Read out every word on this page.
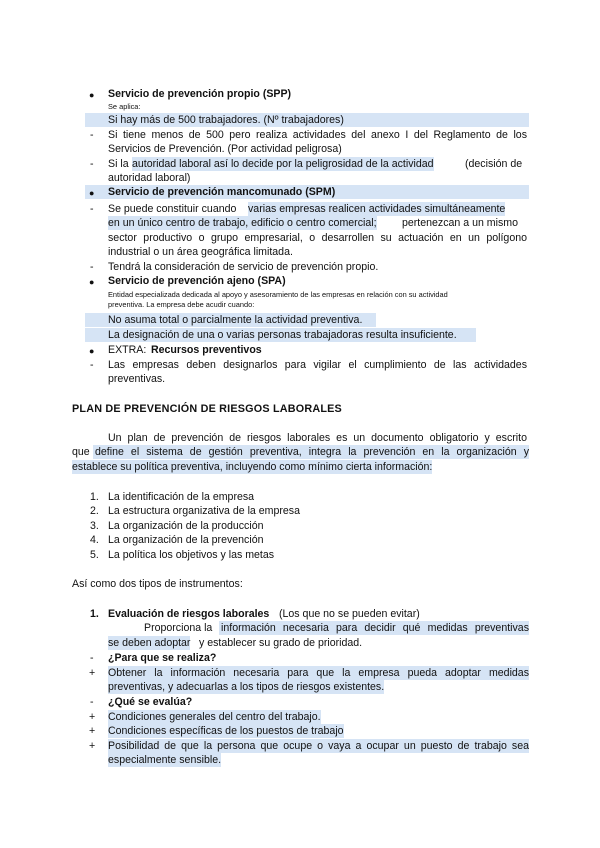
● Servicio de prevención propio (SPP)
Se aplica:
Si hay más de 500 trabajadores. (Nº trabajadores)
- Si tiene menos de 500 pero realiza actividades del anexo I del Reglamento de los
Servicios de Prevención. (Por actividad peligrosa)
- Si la autoridad laboral así lo decide por la peligrosidad de la actividad	(decisión de
autoridad laboral)
● Servicio de prevención mancomunado (SPM)
- Se puede constituir cuando varias empresas realicen actividades simultáneamente
en un único centro de trabajo, edificio o centro comercial; pertenezcan a un mismo
sector productivo o grupo empresarial, o desarrollen su actuación en un polígono
industrial o un área geográfica limitada.
- Tendrá la consideración de servicio de prevención propio.
● Servicio de prevención ajeno (SPA)
Entidad especializada dedicada al apoyo y asesoramiento de las empresas en relación con su actividad
preventiva. La empresa debe acudir cuando:
No asuma total o parcialmente la actividad preventiva.
La designación de una o varias personas trabajadoras resulta insuficiente.
● EXTRA: Recursos preventivos
- Las empresas deben designarlos para vigilar el cumplimiento de las actividades
preventivas.
PLAN DE PREVENCIÓN DE RIESGOS LABORALES
Un plan de prevención de riesgos laborales es un documento obligatorio y escrito
que define el sistema de gestión preventiva, integra la prevención en la organización y
establece su política preventiva, incluyendo como mínimo cierta información:
1. La identificación de la empresa
2. La estructura organizativa de la empresa
3. La organización de la producción
4. La organización de la prevención
5. La política los objetivos y las metas
Así como dos tipos de instrumentos:
1. Evaluación de riesgos laborales (Los que no se pueden evitar)
Proporciona la información necesaria para decidir qué medidas preventivas
se deben adoptar y establecer su grado de prioridad.
- ¿Para que se realiza?
+ Obtener la información necesaria para que la empresa pueda adoptar medidas
preventivas, y adecuarlas a los tipos de riesgos existentes.
- ¿Qué se evalúa?
+ Condiciones generales del centro del trabajo.
+ Condiciones específicas de los puestos de trabajo
+ Posibilidad de que la persona que ocupe o vaya a ocupar un puesto de trabajo sea
especialmente sensible.
